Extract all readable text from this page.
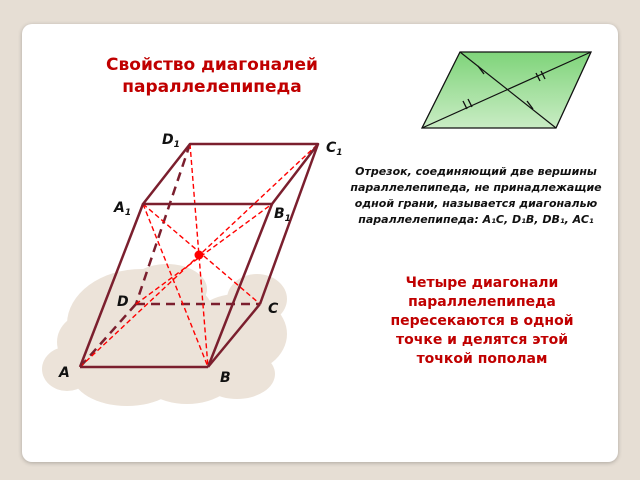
$D_1$	$C_1$
$A_1$	$B_1$
D	C
A	B
Свойство диагоналей параллелепипеда
Отрезок, соединяющий две вершины параллелепипеда, не принадлежащие одной грани, называется диагональю параллелепипеда: A₁C, D₁B, DB₁, AC₁
Четыре диагонали параллелепипеда пересекаются в одной точке и делятся этой точкой пополам
